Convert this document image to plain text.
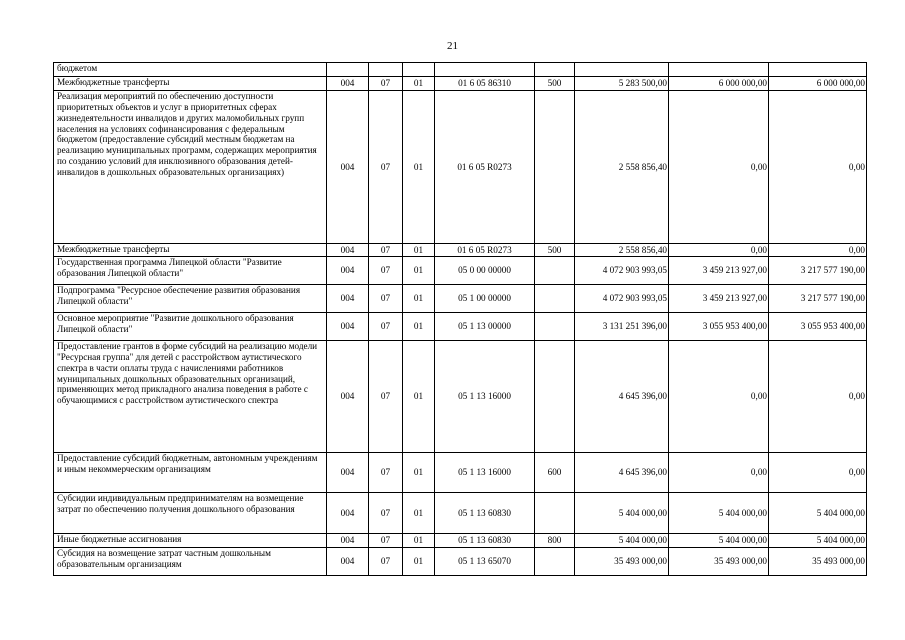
21
бюджетом								
Межбюджетные трансферты	004	07	01	01 6 05 86310	500	5 283 500,00	6 000 000,00	6 000 000,00
Реализация мероприятий по обеспечению доступности приоритетных объектов и услуг в приоритетных сферах жизнедеятельности инвалидов и других маломобильных групп населения на условиях софинансирования с федеральным бюджетом (предоставление субсидий местным бюджетам на реализацию муниципальных программ, содержащих мероприятия по созданию условий для инклюзивного образования детей-инвалидов в дошкольных образовательных организациях)	004	07	01	01 6 05 R0273		2 558 856,40	0,00	0,00
Межбюджетные трансферты	004	07	01	01 6 05 R0273	500	2 558 856,40	0,00	0,00
Государственная программа Липецкой области "Развитие образования Липецкой области"	004	07	01	05 0 00 00000		4 072 903 993,05	3 459 213 927,00	3 217 577 190,00
Подпрограмма "Ресурсное обеспечение развития образования Липецкой области"	004	07	01	05 1 00 00000		4 072 903 993,05	3 459 213 927,00	3 217 577 190,00
Основное мероприятие "Развитие дошкольного образования Липецкой области"	004	07	01	05 1 13 00000		3 131 251 396,00	3 055 953 400,00	3 055 953 400,00
Предоставление грантов в форме субсидий на реализацию модели "Ресурсная группа" для детей с расстройством аутистического спектра в части оплаты труда с начислениями работников муниципальных дошкольных образовательных организаций, применяющих метод прикладного анализа поведения в работе с обучающимися с расстройством аутистического спектра	004	07	01	05 1 13 16000		4 645 396,00	0,00	0,00
Предоставление субсидий бюджетным, автономным учреждениям и иным некоммерческим организациям	004	07	01	05 1 13 16000	600	4 645 396,00	0,00	0,00
Субсидии индивидуальным предпринимателям на возмещение затрат по обеспечению получения дошкольного образования	004	07	01	05 1 13 60830		5 404 000,00	5 404 000,00	5 404 000,00
Иные бюджетные ассигнования	004	07	01	05 1 13 60830	800	5 404 000,00	5 404 000,00	5 404 000,00
Субсидия на возмещение затрат частным дошкольным образовательным организациям	004	07	01	05 1 13 65070		35 493 000,00	35 493 000,00	35 493 000,00
